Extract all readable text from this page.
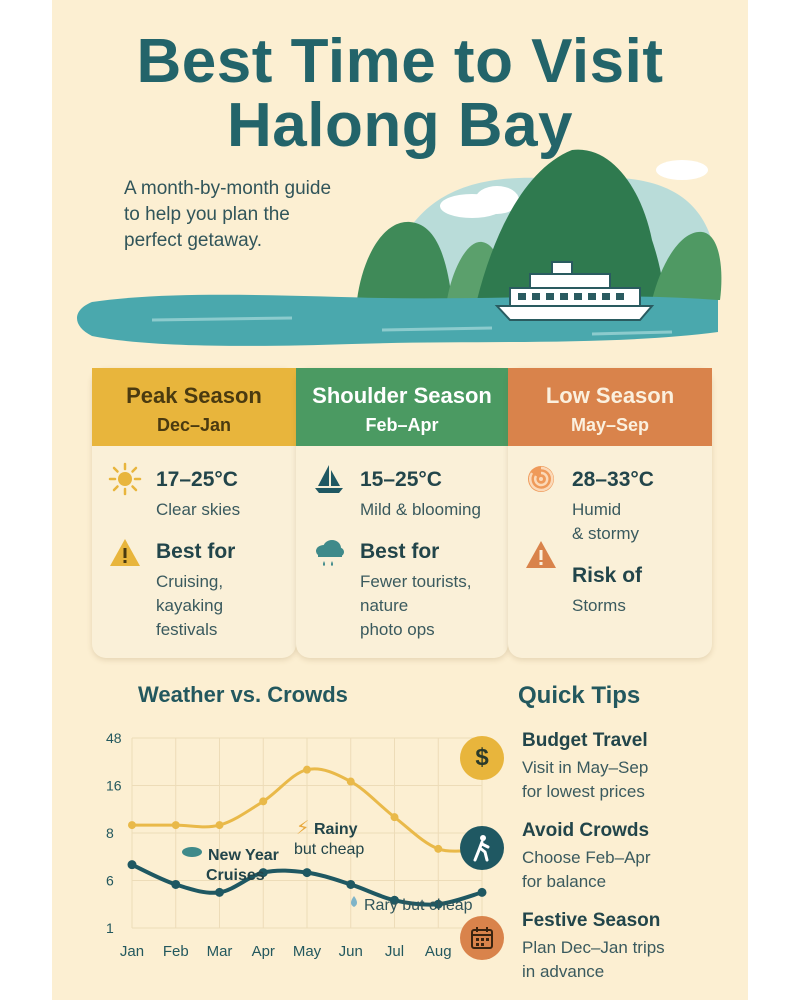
Best Time to Visit
Halong Bay
A month-by-month guide
to help you plan the
perfect getaway.
Peak Season
Dec–Jan
17–25°C
Clear skies
Best for
Cruising,
kayaking
festivals
Shoulder Season
Feb–Apr
15–25°C
Mild & blooming
Best for
Fewer tourists,
nature
photo ops
Low Season
May–Sep
28–33°C
Humid
& stormy
Risk of
Storms
Weather vs. Crowds
48
16
8
6
1
Jan Feb Mar Apr May Jun Jul Aug
⚡ Rainy
but cheap
New Year
Cruises
Rary but cheap
Quick Tips
$
Budget Travel
Visit in May–Sep
for lowest prices
Avoid Crowds
Choose Feb–Apr
for balance
Festive Season
Plan Dec–Jan trips
in advance
